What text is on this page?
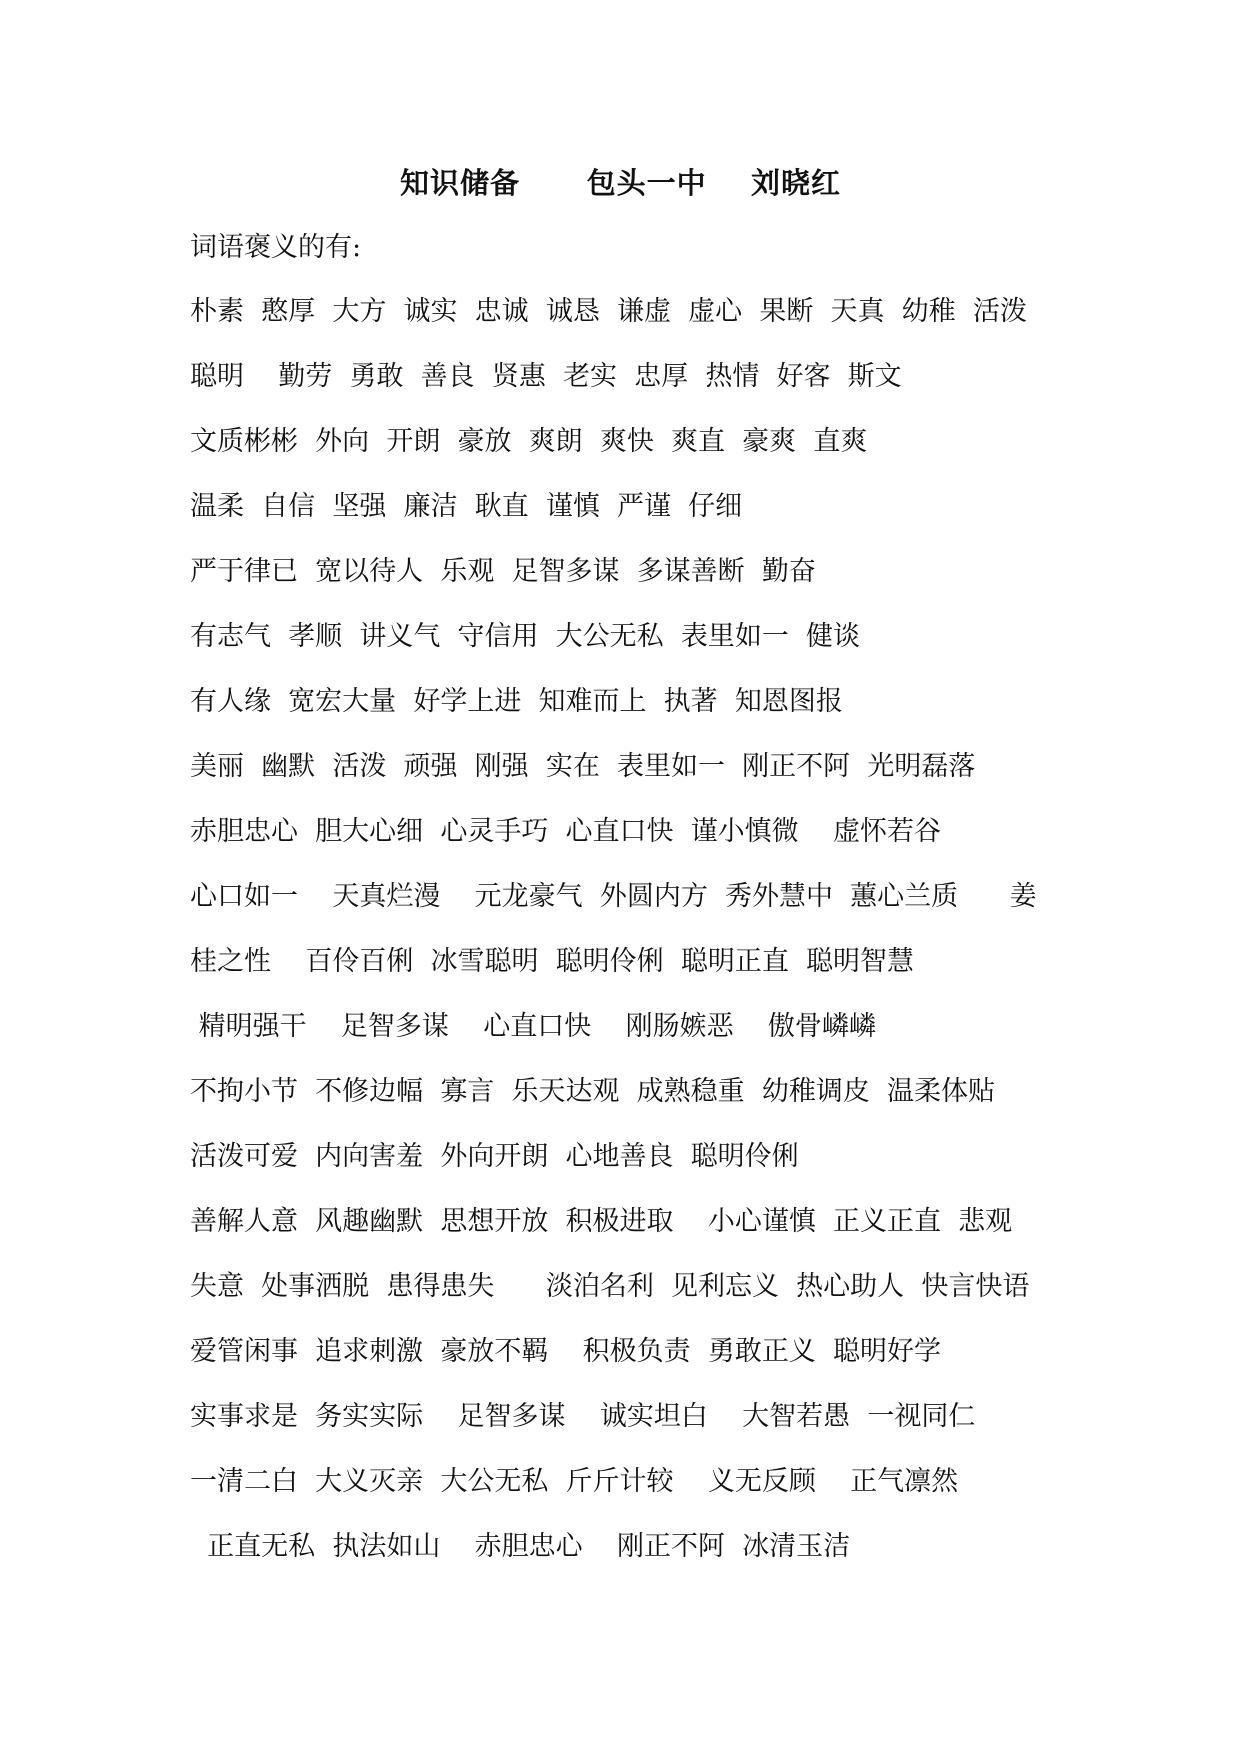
知识储备      包头一中    刘晓红
词语褒义的有:
朴素  憨厚  大方  诚实  忠诚  诚恳  谦虚  虚心  果断  天真  幼稚  活泼
聪明    勤劳  勇敢  善良  贤惠  老实  忠厚  热情  好客  斯文
文质彬彬  外向  开朗  豪放  爽朗  爽快  爽直  豪爽  直爽
温柔  自信  坚强  廉洁  耿直  谨慎  严谨  仔细
严于律已  宽以待人  乐观  足智多谋  多谋善断  勤奋
有志气  孝顺  讲义气  守信用  大公无私  表里如一  健谈
有人缘  宽宏大量  好学上进  知难而上  执著  知恩图报
美丽  幽默  活泼  顽强  刚强  实在  表里如一  刚正不阿  光明磊落
赤胆忠心  胆大心细  心灵手巧  心直口快  谨小慎微    虚怀若谷
心口如一    天真烂漫    元龙豪气  外圆内方  秀外慧中  蕙心兰质      姜
桂之性    百伶百俐  冰雪聪明  聪明伶俐  聪明正直  聪明智慧
精明强干    足智多谋    心直口快    刚肠嫉恶    傲骨嶙嶙
不拘小节  不修边幅  寡言  乐天达观  成熟稳重  幼稚调皮  温柔体贴
活泼可爱  内向害羞  外向开朗  心地善良  聪明伶俐
善解人意  风趣幽默  思想开放  积极进取    小心谨慎  正义正直  悲观
失意  处事洒脱  患得患失      淡泊名利  见利忘义  热心助人  快言快语
爱管闲事  追求刺激  豪放不羁    积极负责  勇敢正义  聪明好学
实事求是  务实实际    足智多谋    诚实坦白    大智若愚  一视同仁
一清二白  大义灭亲  大公无私  斤斤计较    义无反顾    正气凛然
正直无私  执法如山    赤胆忠心    刚正不阿  冰清玉洁
